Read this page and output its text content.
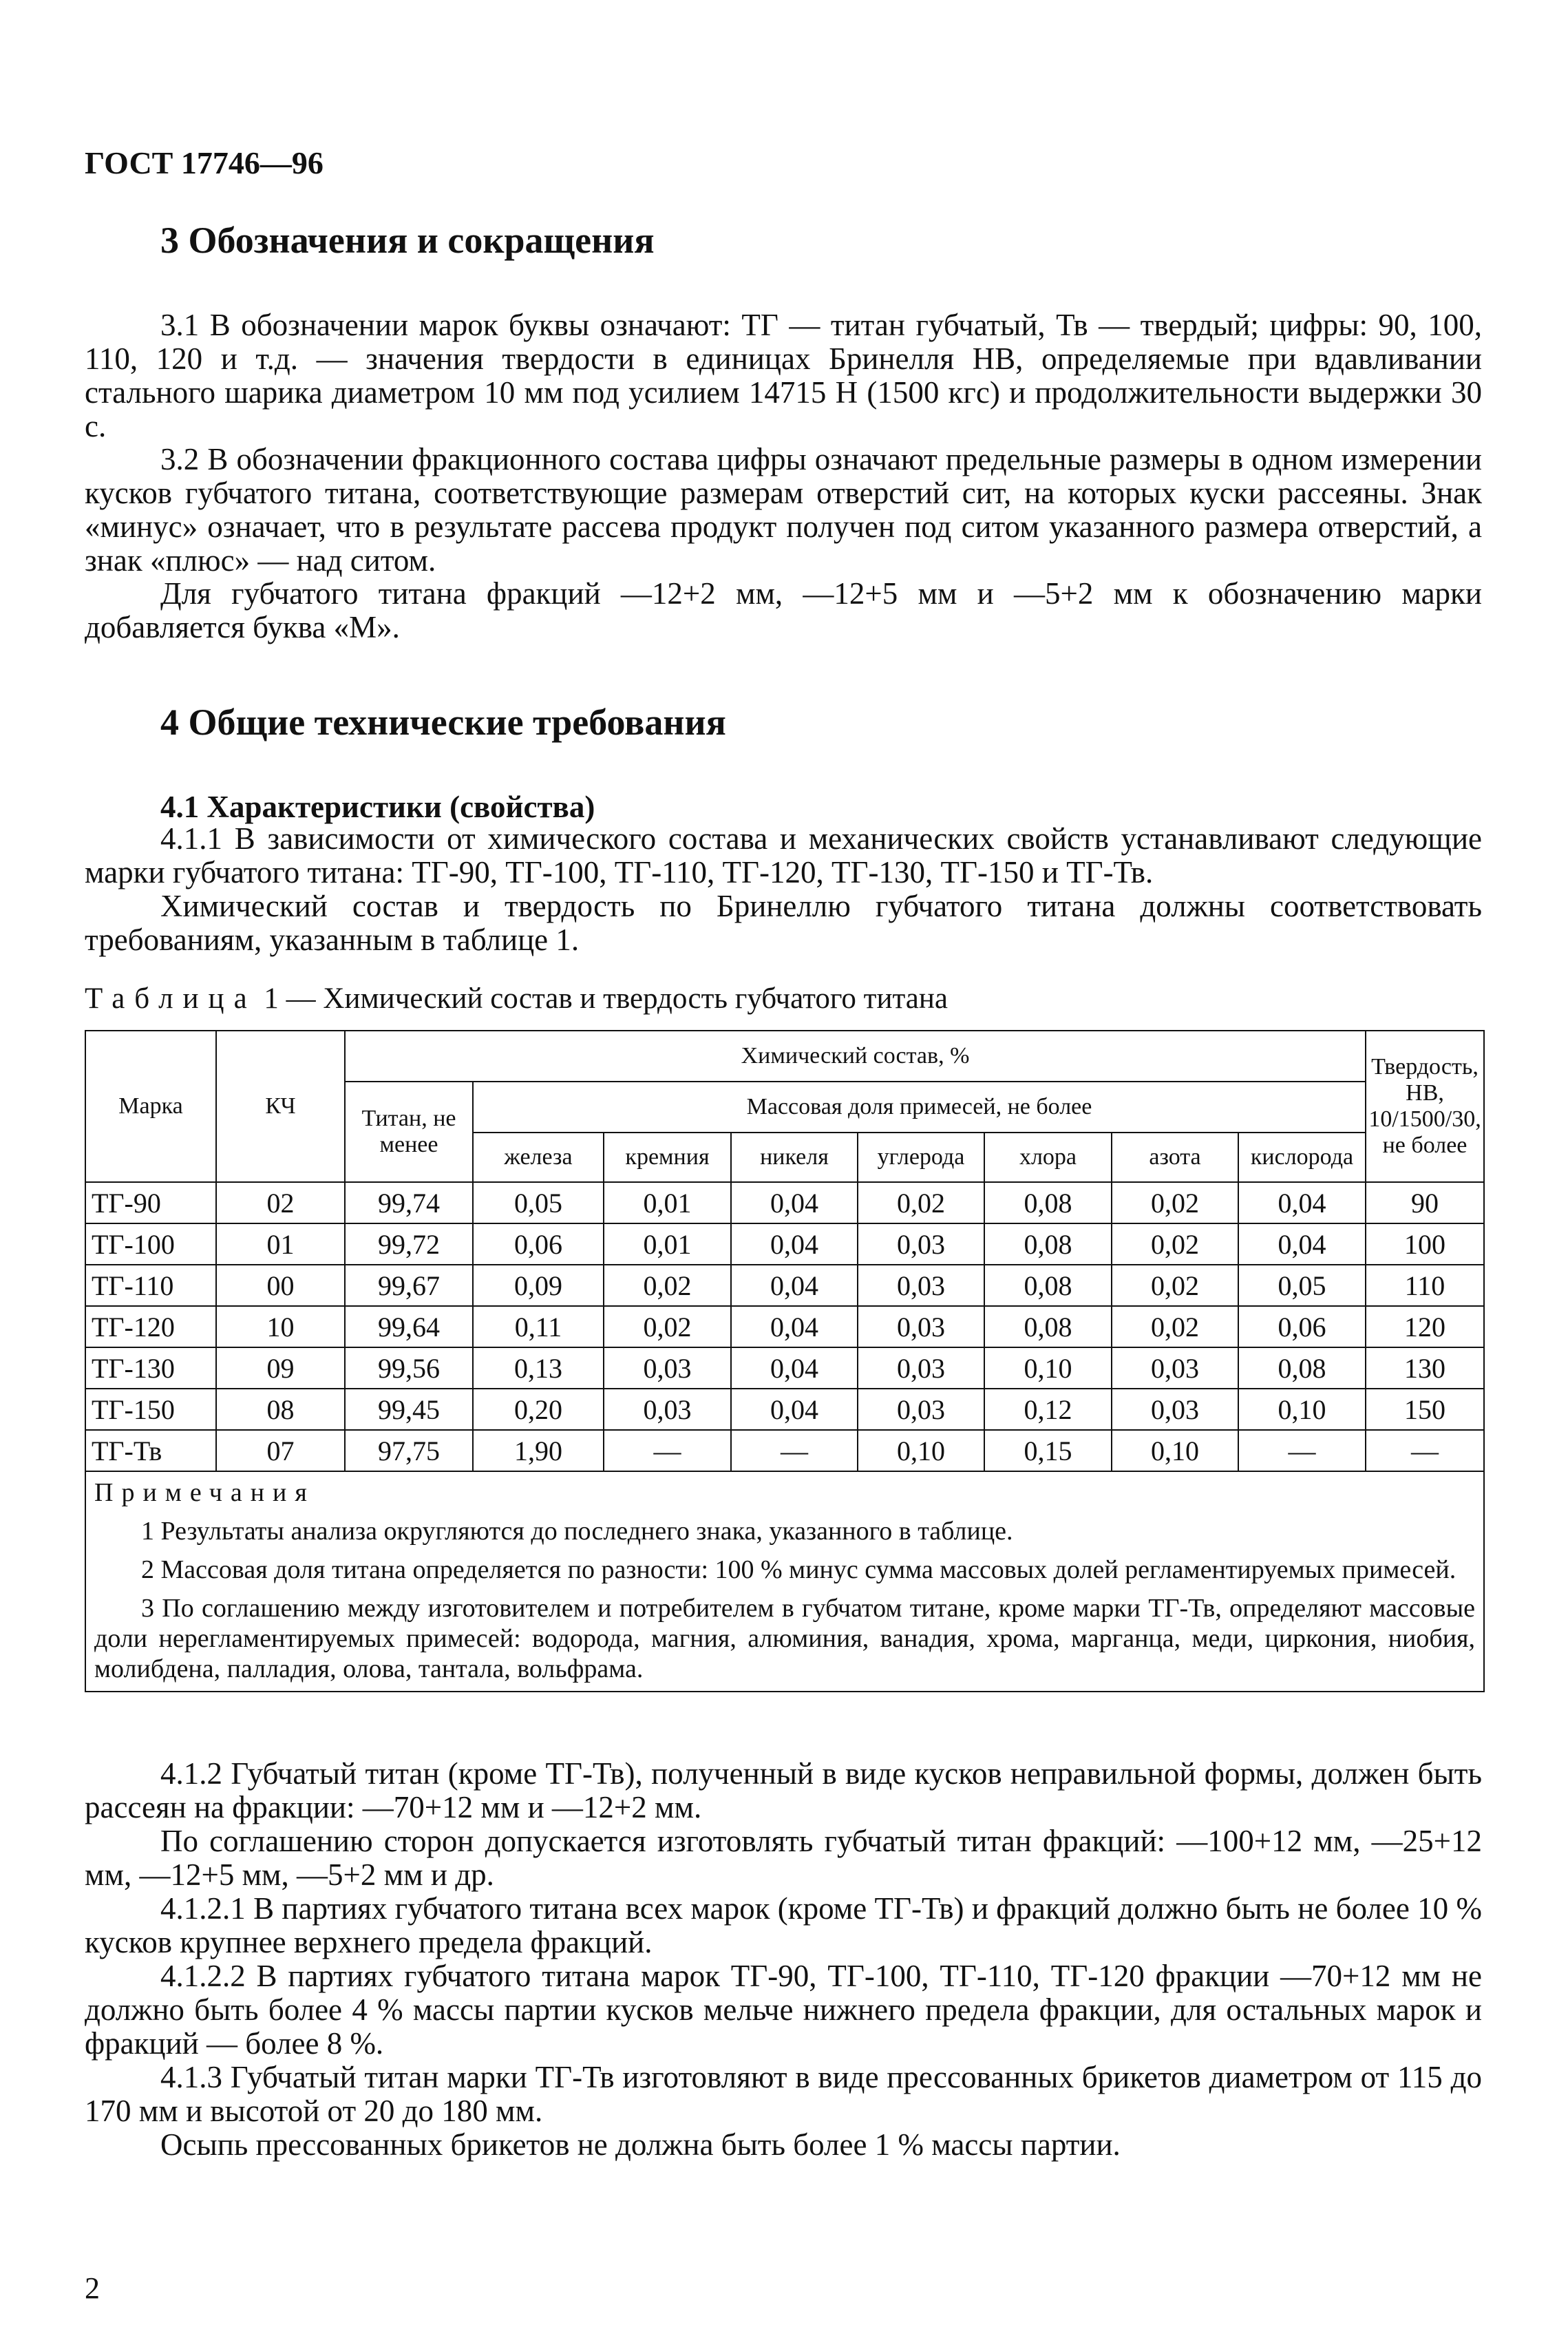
ГОСТ 17746—96
3 Обозначения и сокращения

3.1 В обозначении марок буквы означают: ТГ — титан губчатый, Тв — твердый; цифры: 90, 100, 110, 120 и т.д. — значения твердости в единицах Бринелля НВ, определяемые при вдавливании стального шарика диаметром 10 мм под усилием 14715 Н (1500 кгс) и продолжительности выдержки 30 с.

3.2 В обозначении фракционного состава цифры означают предельные размеры в одном измерении кусков губчатого титана, соответствующие размерам отверстий сит, на которых куски рассеяны. Знак «минус» означает, что в результате рассева продукт получен под ситом указанного размера отверстий, а знак «плюс» — над ситом.

Для губчатого титана фракций —12+2 мм, —12+5 мм и —5+2 мм к обозначению марки добавляется буква «М».

4 Общие технические требования
4.1 Характеристики (свойства)

4.1.1 В зависимости от химического состава и механических свойств устанавливают следующие марки губчатого титана: ТГ-90, ТГ-100, ТГ-110, ТГ-120, ТГ-130, ТГ-150 и ТГ-Тв.

Химический состав и твердость по Бринеллю губчатого титана должны соответствовать требованиям, указанным в таблице 1.

Таблица 1 — Химический состав и твердость губчатого титана
Марка	КЧ	Химический состав, %								Твердость, НВ, 10/1500/30, не более
		Титан, не менее	Массовая доля примесей, не более							
			железа	кремния	никеля	углерода	хлора	азота	кислорода	
ТГ-90	02	99,74	0,05	0,01	0,04	0,02	0,08	0,02	0,04	90
ТГ-100	01	99,72	0,06	0,01	0,04	0,03	0,08	0,02	0,04	100
ТГ-110	00	99,67	0,09	0,02	0,04	0,03	0,08	0,02	0,05	110
ТГ-120	10	99,64	0,11	0,02	0,04	0,03	0,08	0,02	0,06	120
ТГ-130	09	99,56	0,13	0,03	0,04	0,03	0,10	0,03	0,08	130
ТГ-150	08	99,45	0,20	0,03	0,04	0,03	0,12	0,03	0,10	150
ТГ-Тв	07	97,75	1,90	—	—	0,10	0,15	0,10	—	—

Примечания

1 Результаты анализа округляются до последнего знака, указанного в таблице.

2 Массовая доля титана определяется по разности: 100 % минус сумма массовых долей регламентируемых примесей.

3 По соглашению между изготовителем и потребителем в губчатом титане, кроме марки ТГ-Тв, определяют массовые доли нерегламентируемых примесей: водорода, магния, алюминия, ванадия, хрома, марганца, меди, циркония, ниобия, молибдена, палладия, олова, тантала, вольфрама.										

4.1.2 Губчатый титан (кроме ТГ-Тв), полученный в виде кусков неправильной формы, должен быть рассеян на фракции: —70+12 мм и —12+2 мм.

По соглашению сторон допускается изготовлять губчатый титан фракций: —100+12 мм, —25+12 мм, —12+5 мм, —5+2 мм и др.

4.1.2.1 В партиях губчатого титана всех марок (кроме ТГ-Тв) и фракций должно быть не более 10 % кусков крупнее верхнего предела фракций.

4.1.2.2 В партиях губчатого титана марок ТГ-90, ТГ-100, ТГ-110, ТГ-120 фракции —70+12 мм не должно быть более 4 % массы партии кусков мельче нижнего предела фракции, для остальных марок и фракций — более 8 %.

4.1.3 Губчатый титан марки ТГ-Тв изготовляют в виде прессованных брикетов диаметром от 115 до 170 мм и высотой от 20 до 180 мм.

Осыпь прессованных брикетов не должна быть более 1 % массы партии.

2
